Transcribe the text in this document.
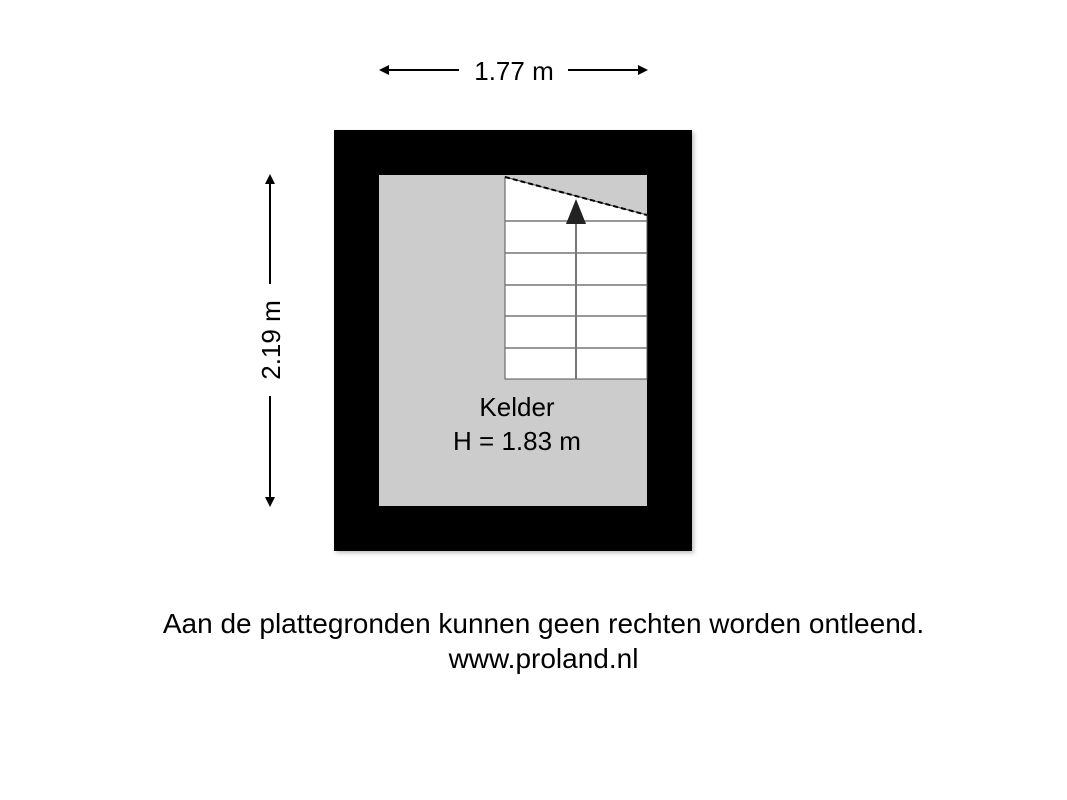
1.77 m
2.19 m
Kelder
H = 1.83 m
Aan de plattegronden kunnen geen rechten worden ontleend.
www.proland.nl
